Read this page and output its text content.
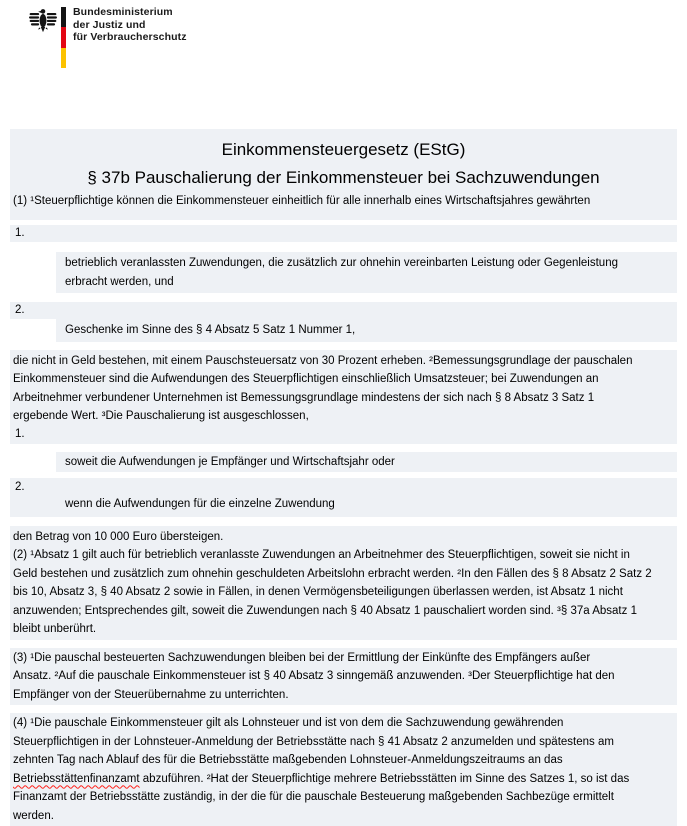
Bundesministerium
der Justiz und
für Verbraucherschutz
Einkommensteuergesetz (EStG)
§ 37b Pauschalierung der Einkommensteuer bei Sachzuwendungen
(1) ¹Steuerpflichtige können die Einkommensteuer einheitlich für alle innerhalb eines Wirtschaftsjahres gewährten
1.
betrieblich veranlassten Zuwendungen, die zusätzlich zur ohnehin vereinbarten Leistung oder Gegenleistung
erbracht werden, und
2.
Geschenke im Sinne des § 4 Absatz 5 Satz 1 Nummer 1,
die nicht in Geld bestehen, mit einem Pauschsteuersatz von 30 Prozent erheben. ²Bemessungsgrundlage der pauschalen
Einkommensteuer sind die Aufwendungen des Steuerpflichtigen einschließlich Umsatzsteuer; bei Zuwendungen an
Arbeitnehmer verbundener Unternehmen ist Bemessungsgrundlage mindestens der sich nach § 8 Absatz 3 Satz 1
ergebende Wert. ³Die Pauschalierung ist ausgeschlossen,
1.
soweit die Aufwendungen je Empfänger und Wirtschaftsjahr oder
2.
wenn die Aufwendungen für die einzelne Zuwendung
den Betrag von 10 000 Euro übersteigen.
(2) ¹Absatz 1 gilt auch für betrieblich veranlasste Zuwendungen an Arbeitnehmer des Steuerpflichtigen, soweit sie nicht in
Geld bestehen und zusätzlich zum ohnehin geschuldeten Arbeitslohn erbracht werden. ²In den Fällen des § 8 Absatz 2 Satz 2
bis 10, Absatz 3, § 40 Absatz 2 sowie in Fällen, in denen Vermögensbeteiligungen überlassen werden, ist Absatz 1 nicht
anzuwenden; Entsprechendes gilt, soweit die Zuwendungen nach § 40 Absatz 1 pauschaliert worden sind. ³§ 37a Absatz 1
bleibt unberührt.
(3) ¹Die pauschal besteuerten Sachzuwendungen bleiben bei der Ermittlung der Einkünfte des Empfängers außer
Ansatz. ²Auf die pauschale Einkommensteuer ist § 40 Absatz 3 sinngemäß anzuwenden. ³Der Steuerpflichtige hat den
Empfänger von der Steuerübernahme zu unterrichten.
(4) ¹Die pauschale Einkommensteuer gilt als Lohnsteuer und ist von dem die Sachzuwendung gewährenden
Steuerpflichtigen in der Lohnsteuer-Anmeldung der Betriebsstätte nach § 41 Absatz 2 anzumelden und spätestens am
zehnten Tag nach Ablauf des für die Betriebsstätte maßgebenden Lohnsteuer-Anmeldungszeitraums an das
Betriebsstättenfinanzamt abzuführen. ²Hat der Steuerpflichtige mehrere Betriebsstätten im Sinne des Satzes 1, so ist das
Finanzamt der Betriebsstätte zuständig, in der die für die pauschale Besteuerung maßgebenden Sachbezüge ermittelt
werden.
